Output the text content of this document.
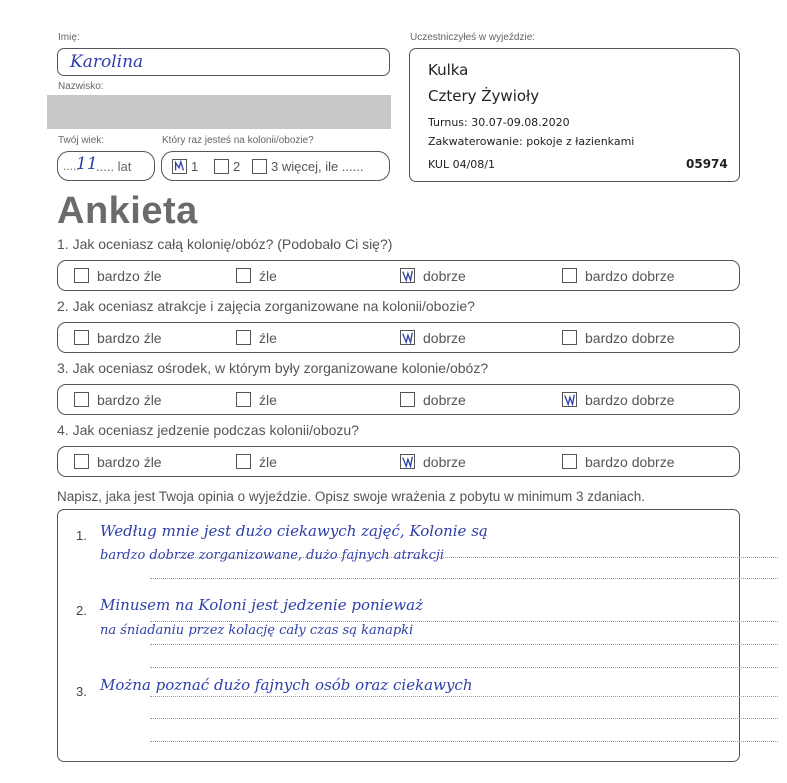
Imię:
Karolina
Nazwisko:
Twój wiek:
.....
11
..... lat
Który raz jesteś na kolonii/obozie?
1	2 3 więcej, ile ......
Uczestniczyłeś w wyjeździe:
Kulka
Cztery Żywioły
Turnus: 30.07-09.08.2020
Zakwaterowanie: pokoje z łazienkami
KUL 04/08/1	05974
Ankieta
1. Jak oceniasz całą kolonię/obóz? (Podobało Ci się?)
bardzo źle	źle	dobrze	bardzo dobrze
2. Jak oceniasz atrakcje i zajęcia zorganizowane na kolonii/obozie?
bardzo źle	źle	dobrze	bardzo dobrze
3. Jak oceniasz ośrodek, w którym były zorganizowane kolonie/obóz?
bardzo źle	źle	dobrze	bardzo dobrze
4. Jak oceniasz jedzenie podczas kolonii/obozu?
bardzo źle	źle	dobrze	bardzo dobrze
Napisz, jaka jest Twoja opinia o wyjeździe. Opisz swoje wrażenia z pobytu w minimum 3 zdaniach.
1. Według mnie jest dużo ciekawych zajęć, Kolonie są
bardzo dobrze zorganizowane, dużo fajnych atrakcji
2. Minusem na Koloni jest jedzenie ponieważ
na śniadaniu przez kolację cały czas są kanapki
3. Można poznać dużo fajnych osób oraz ciekawych
